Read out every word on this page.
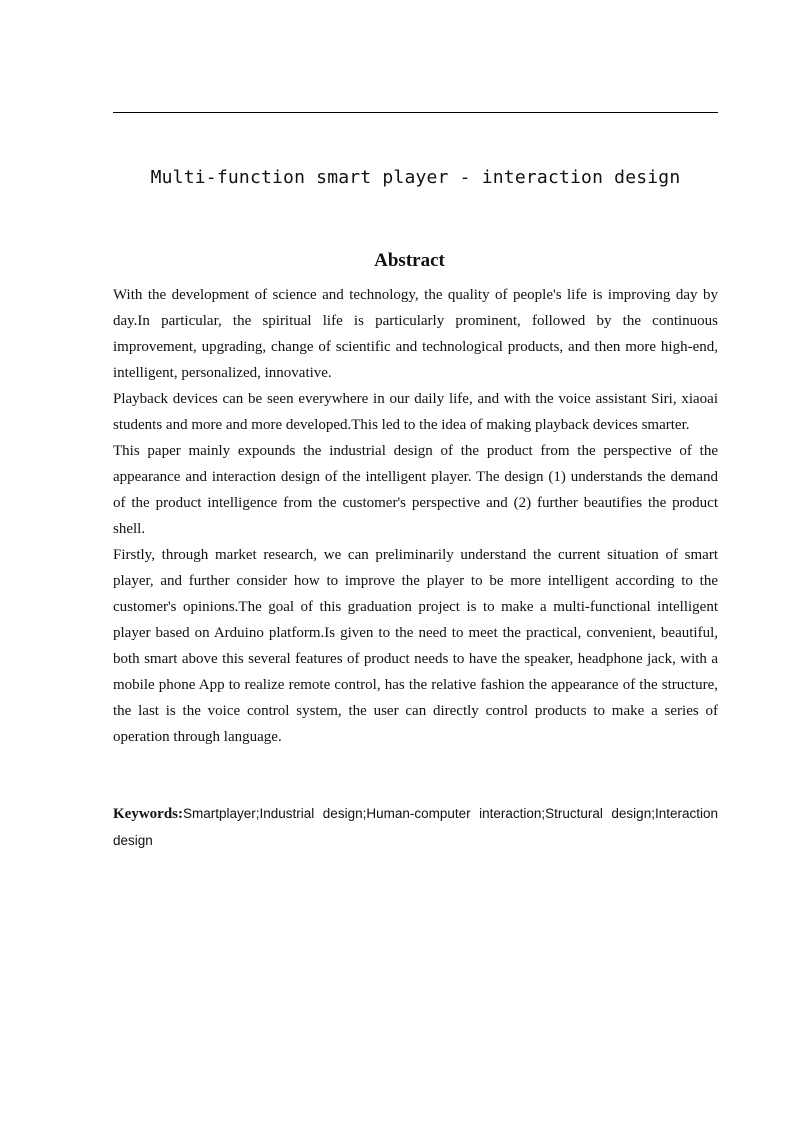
Multi-function smart player - interaction design
Abstract

With the development of science and technology, the quality of people's life is improving day by day.In particular, the spiritual life is particularly prominent, followed by the continuous improvement, upgrading, change of scientific and technological products, and then more high-end, intelligent, personalized, innovative.

Playback devices can be seen everywhere in our daily life, and with the voice assistant Siri, xiaoai students and more and more developed.This led to the idea of making playback devices smarter.

This paper mainly expounds the industrial design of the product from the perspective of the appearance and interaction design of the intelligent player. The design (1) understands the demand of the product intelligence from the customer's perspective and (2) further beautifies the product shell.

Firstly, through market research, we can preliminarily understand the current situation of smart player, and further consider how to improve the player to be more intelligent according to the customer's opinions.The goal of this graduation project is to make a multi-functional intelligent player based on Arduino platform.Is given to the need to meet the practical, convenient, beautiful, both smart above this several features of product needs to have the speaker, headphone jack, with a mobile phone App to realize remote control, has the relative fashion the appearance of the structure, the last is the voice control system, the user can directly control products to make a series of operation through language.

Keywords:Smartplayer;Industrial design;Human-computer interaction;Structural design;Interaction design
